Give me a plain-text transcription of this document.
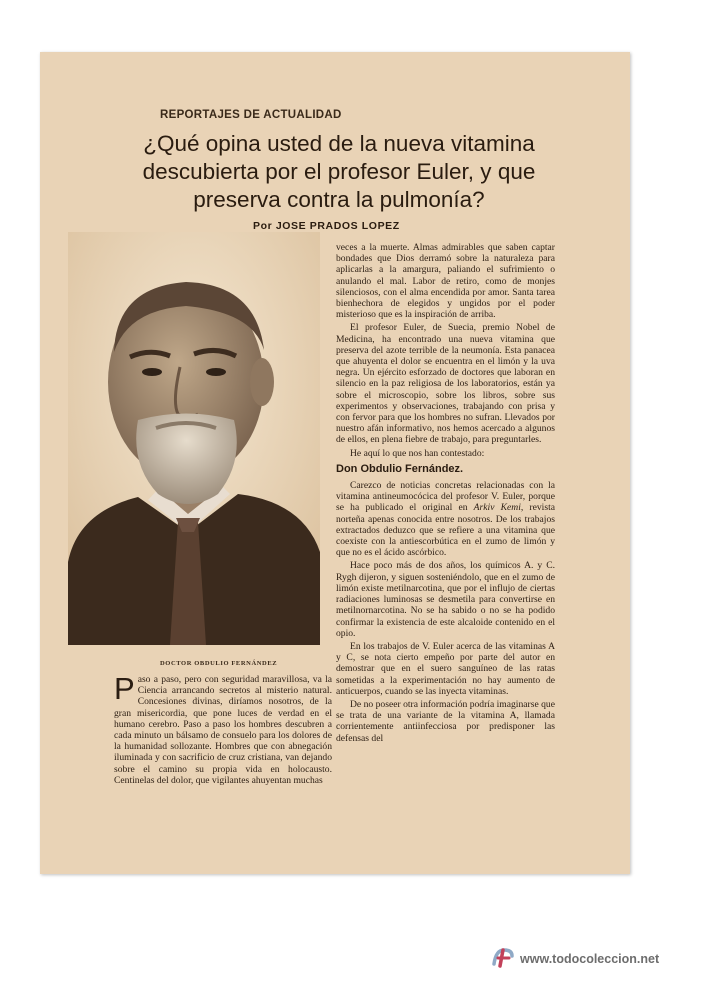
REPORTAJES DE ACTUALIDAD
¿Qué opina usted de la nueva vitamina
descubierta por el profesor Euler, y que
preserva contra la pulmonía?
Por JOSE PRADOS LOPEZ
DOCTOR OBDULIO FERNÁNDEZ
Paso a paso, pero con seguridad maravillosa, va la Ciencia arrancando secretos al misterio natural. Concesiones divinas, diríamos nosotros, de la gran misericordia, que pone luces de verdad en el humano cerebro. Paso a paso los hombres descubren a cada minuto un bálsamo de consuelo para los dolores de la humanidad sollozante. Hombres que con abnegación iluminada y con sacrificio de cruz cristiana, van dejando sobre el camino su propia vida en holocausto. Centinelas del dolor, que vigilantes ahuyentan muchas

veces a la muerte. Almas admirables que saben captar bondades que Dios derramó sobre la naturaleza para aplicarlas a la amargura, paliando el sufrimiento o anulando el mal. Labor de retiro, como de monjes silenciosos, con el alma encendida por amor. Santa tarea bienhechora de elegidos y ungidos por el poder misterioso que es la inspiración de arriba.

El profesor Euler, de Suecia, premio Nobel de Medicina, ha encontrado una nueva vitamina que preserva del azote terrible de la neumonía. Esta panacea que ahuyenta el dolor se encuentra en el limón y la uva negra. Un ejército esforzado de doctores que laboran en silencio en la paz religiosa de los laboratorios, están ya sobre el microscopio, sobre los libros, sobre sus experimentos y observaciones, trabajando con prisa y con fervor para que los hombres no sufran. Llevados por nuestro afán informativo, nos hemos acercado a algunos de ellos, en plena fiebre de trabajo, para preguntarles.

He aquí lo que nos han contestado:

Don Obdulio Fernández.

Carezco de noticias concretas relacionadas con la vitamina antineumocócica del profesor V. Euler, porque se ha publicado el original en Arkiv Kemi, revista norteña apenas conocida entre nosotros. De los trabajos extractados deduzco que se refiere a una vitamina que coexiste con la antiescorbútica en el zumo de limón y que no es el ácido ascórbico.

Hace poco más de dos años, los químicos A. y C. Rygh dijeron, y siguen sosteniéndolo, que en el zumo de limón existe metilnarcotina, que por el influjo de ciertas radiaciones luminosas se desmetila para convertirse en metilnornarcotina. No se ha sabido o no se ha podido confirmar la existencia de este alcaloide contenido en el opio.

En los trabajos de V. Euler acerca de las vitaminas A y C, se nota cierto empeño por parte del autor en demostrar que en el suero sanguíneo de las ratas sometidas a la experimentación no hay aumento de anticuerpos, cuando se las inyecta vitaminas.

De no poseer otra información podría imaginarse que se trata de una variante de la vitamina A, llamada corrientemente antiinfecciosa por predisponer las defensas del

www.todocoleccion.net
